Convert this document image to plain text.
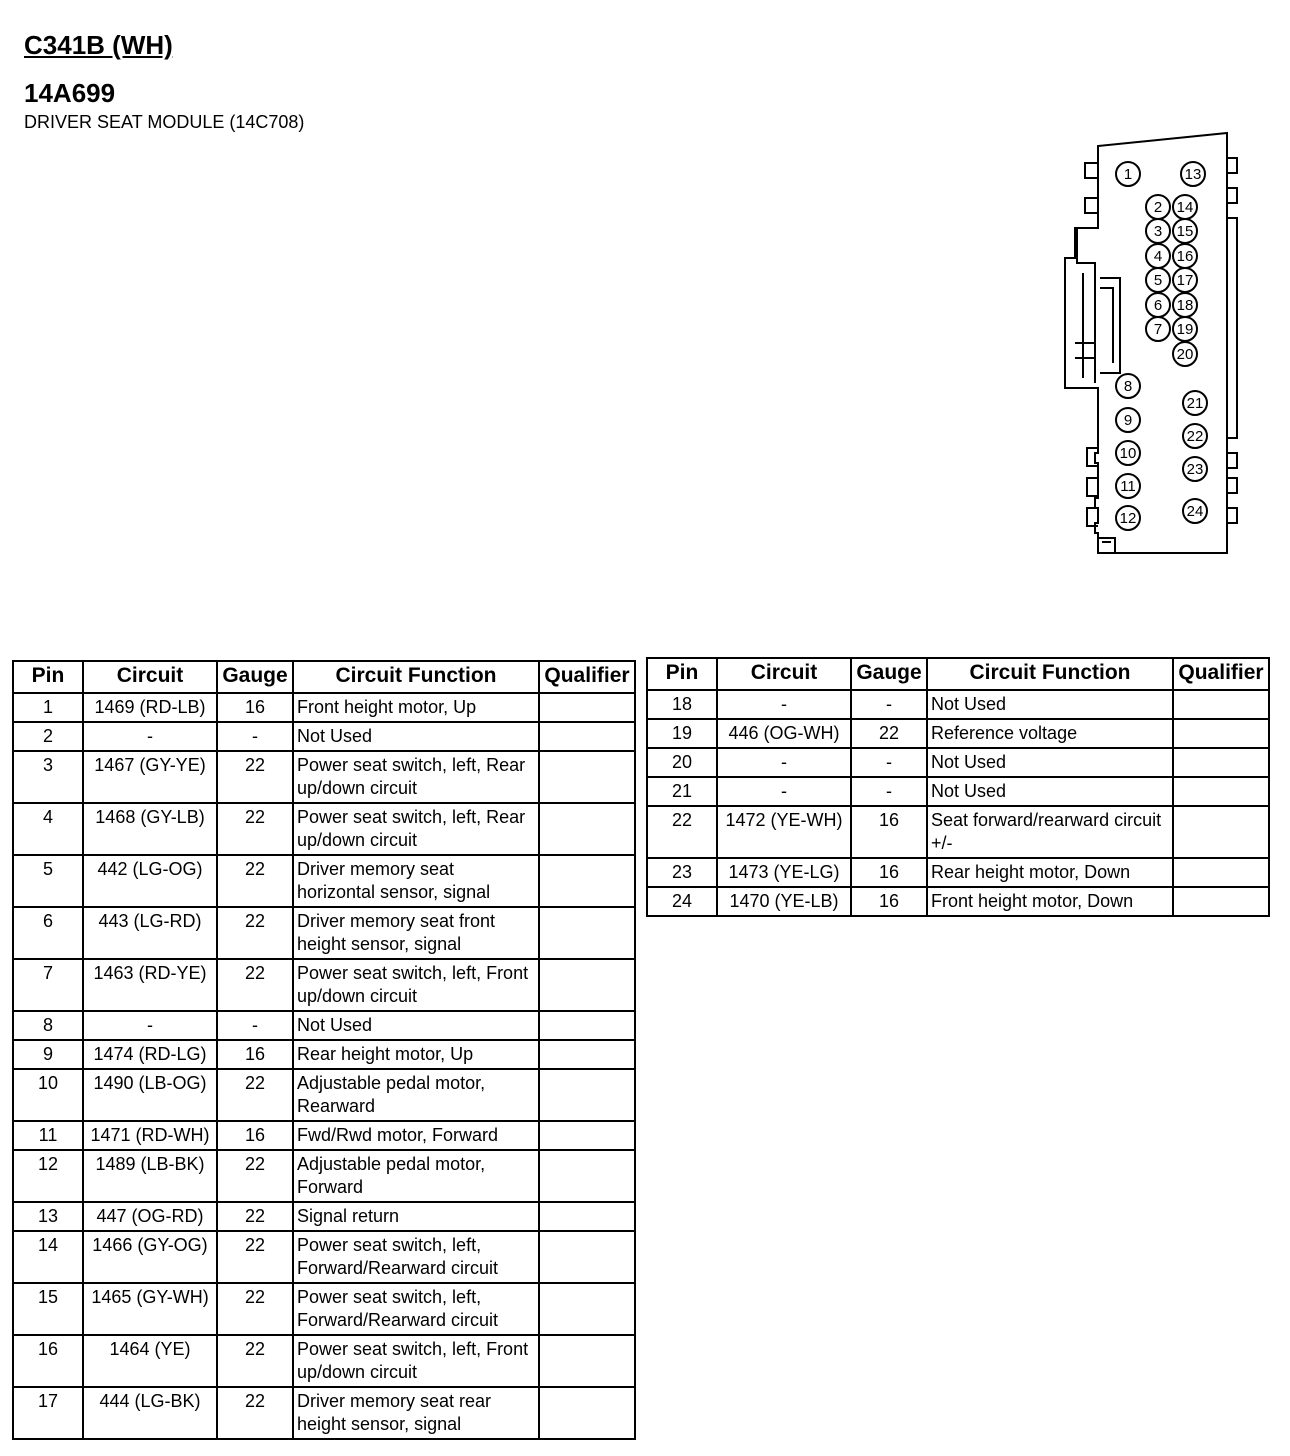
C341B (WH)
14A699
DRIVER SEAT MODULE (14C708)
1
2
3
4
5
6
7
8
9
10
11
12
13
14
15
16
17
18
19
20
21
22
23
24
Pin	Circuit	Gauge	Circuit Function	Qualifier
1	1469 (RD-LB)	16	Front height motor, Up	
2	-	-	Not Used	
3	1467 (GY-YE)	22	Power seat switch, left, Rear up/down circuit	
4	1468 (GY-LB)	22	Power seat switch, left, Rear up/down circuit	
5	442 (LG-OG)	22	Driver memory seat horizontal sensor, signal	
6	443 (LG-RD)	22	Driver memory seat front height sensor, signal	
7	1463 (RD-YE)	22	Power seat switch, left, Front up/down circuit	
8	-	-	Not Used	
9	1474 (RD-LG)	16	Rear height motor, Up	
10	1490 (LB-OG)	22	Adjustable pedal motor, Rearward	
11	1471 (RD-WH)	16	Fwd/Rwd motor, Forward	
12	1489 (LB-BK)	22	Adjustable pedal motor, Forward	
13	447 (OG-RD)	22	Signal return	
14	1466 (GY-OG)	22	Power seat switch, left, Forward/Rearward circuit	
15	1465 (GY-WH)	22	Power seat switch, left, Forward/Rearward circuit	
16	1464 (YE)	22	Power seat switch, left, Front up/down circuit	
17	444 (LG-BK)	22	Driver memory seat rear height sensor, signal	
Pin	Circuit	Gauge	Circuit Function	Qualifier
18	-	-	Not Used	
19	446 (OG-WH)	22	Reference voltage	
20	-	-	Not Used	
21	-	-	Not Used	
22	1472 (YE-WH)	16	Seat forward/rearward circuit +/-	
23	1473 (YE-LG)	16	Rear height motor, Down	
24	1470 (YE-LB)	16	Front height motor, Down	
